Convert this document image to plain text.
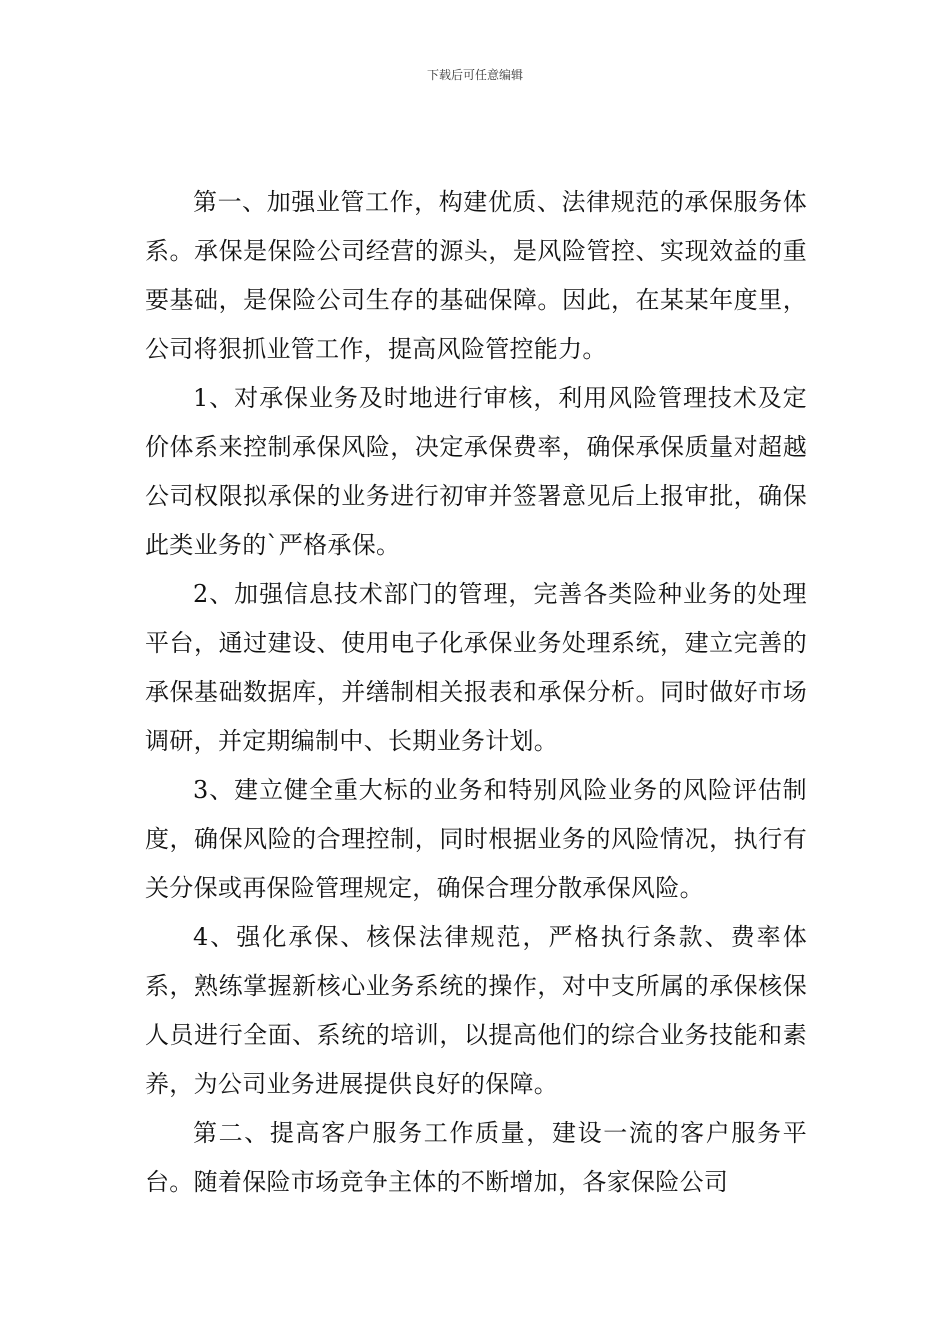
下载后可任意编辑

第一、加强业管工作，构建优质、法律规范的承保服务体系。承保是保险公司经营的源头，是风险管控、实现效益的重要基础，是保险公司生存的基础保障。因此，在某某年度里，公司将狠抓业管工作，提高风险管控能力。

1、对承保业务及时地进行审核，利用风险管理技术及定价体系来控制承保风险，决定承保费率，确保承保质量对超越公司权限拟承保的业务进行初审并签署意见后上报审批，确保此类业务的`严格承保。

2、加强信息技术部门的管理，完善各类险种业务的处理平台，通过建设、使用电子化承保业务处理系统，建立完善的承保基础数据库，并缮制相关报表和承保分析。同时做好市场调研，并定期编制中、长期业务计划。

3、建立健全重大标的业务和特别风险业务的风险评估制度，确保风险的合理控制，同时根据业务的风险情况，执行有关分保或再保险管理规定，确保合理分散承保风险。

4、强化承保、核保法律规范，严格执行条款、费率体系，熟练掌握新核心业务系统的操作，对中支所属的承保核保人员进行全面、系统的培训，以提高他们的综合业务技能和素养，为公司业务进展提供良好的保障。

第二、提高客户服务工作质量，建设一流的客户服务平台。随着保险市场竞争主体的不断增加，各家保险公司
